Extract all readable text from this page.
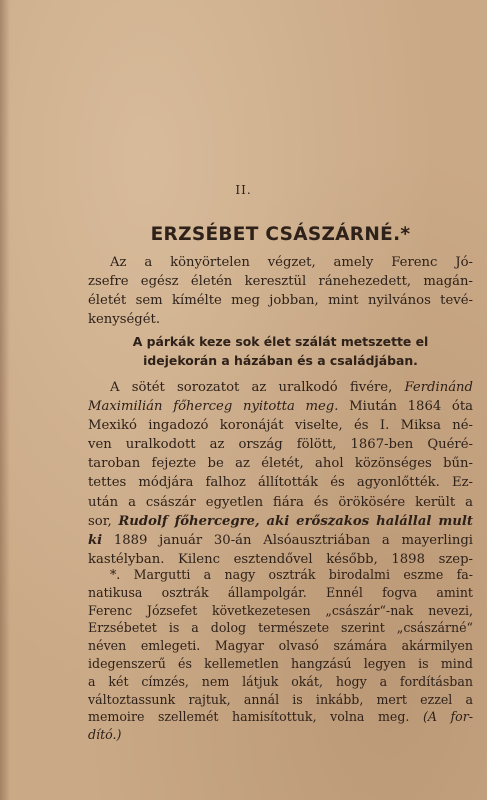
II.
ERZSÉBET CSÁSZÁRNÉ.*
Az a könyörtelen végzet, amely Ferenc Jó-
zsefre egész életén keresztül ránehezedett, magán-
életét sem kímélte meg jobban, mint nyilvános tevé-
kenységét.
A párkák keze sok élet szálát metszette el
idejekorán a házában és a családjában.
A sötét sorozatot az uralkodó fivére, Ferdinánd
Maximilián főherceg nyitotta meg. Miután 1864 óta
Mexikó ingadozó koronáját viselte, és I. Miksa né-
ven uralkodott az ország fölött, 1867-ben Quéré-
taroban fejezte be az életét, ahol közönséges bűn-
tettes módjára falhoz állították és agyonlőtték. Ez-
után a császár egyetlen fiára és örökösére került a
sor, Rudolf főhercegre, aki erőszakos halállal mult
ki 1889 január 30-án Alsóausztriában a mayerlingi
kastélyban. Kilenc esztendővel később, 1898 szep-
*. Margutti a nagy osztrák birodalmi eszme fa-
natikusa osztrák állampolgár. Ennél fogva amint
Ferenc Józsefet következetesen „császár“-nak nevezi,
Erzsébetet is a dolog természete szerint „császárné“
néven emlegeti. Magyar olvasó számára akármilyen
idegenszerű és kellemetlen hangzású legyen is mind
a két címzés, nem látjuk okát, hogy a fordításban
változtassunk rajtuk, annál is inkább, mert ezzel a
memoire szellemét hamisítottuk, volna meg. (A for-
dító.)
